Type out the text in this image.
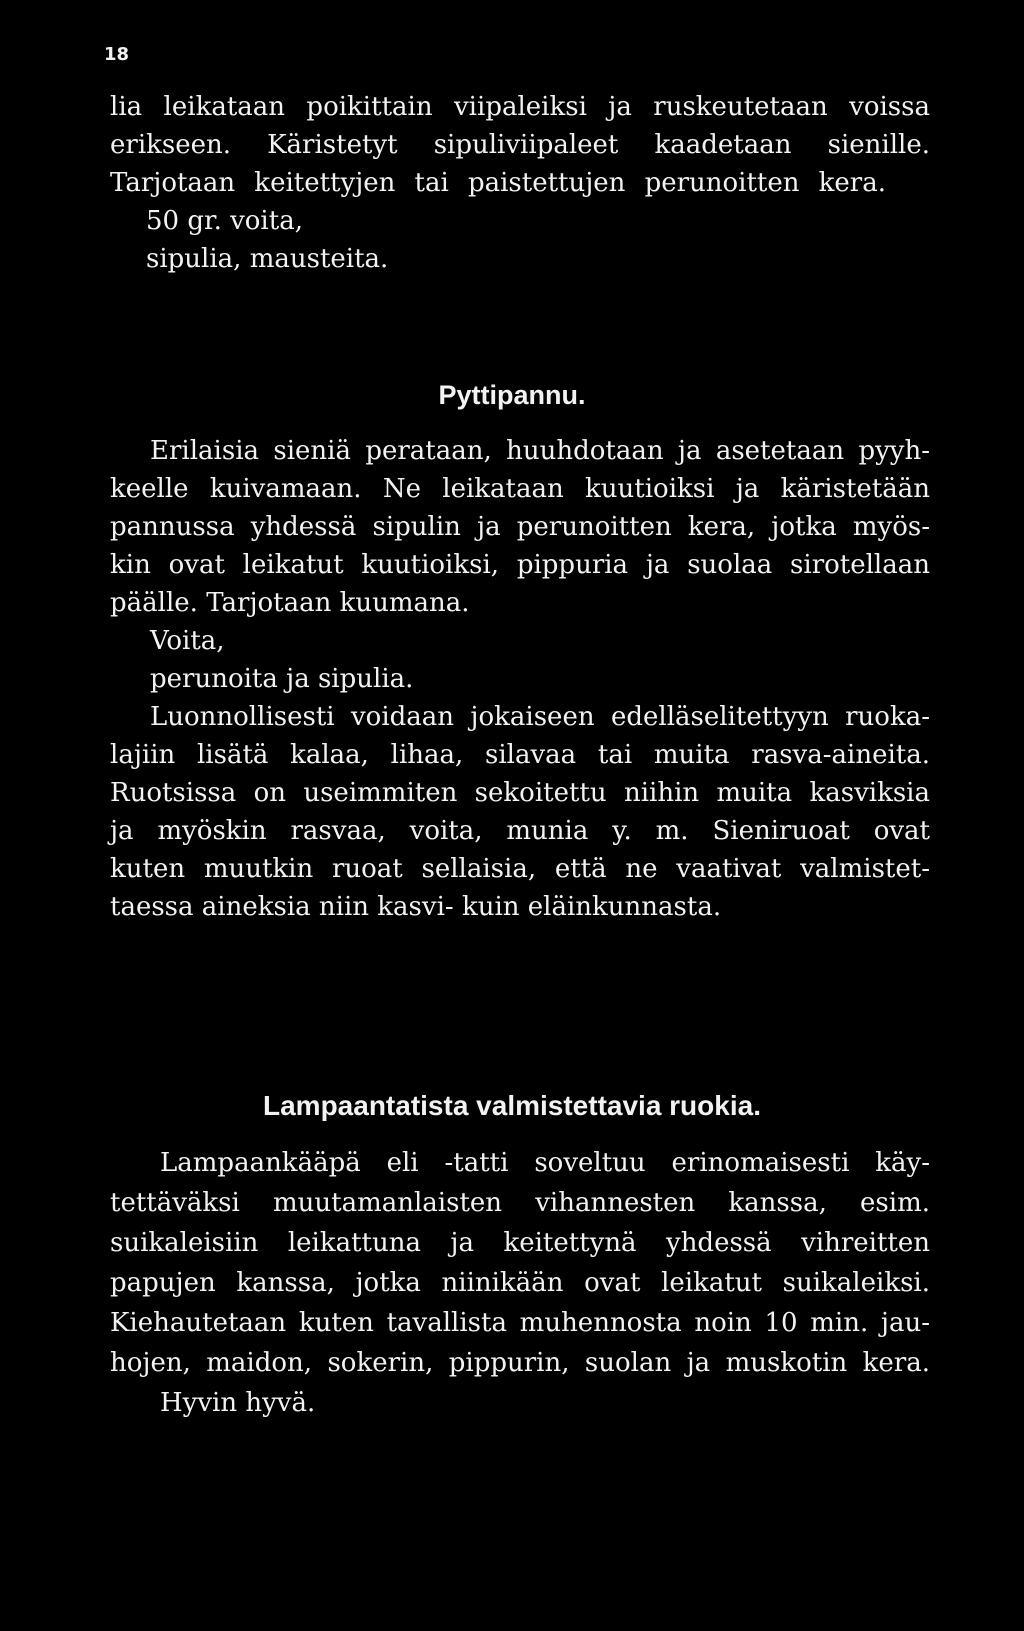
18
lia leikataan poikittain viipaleiksi ja ruskeutetaan voissa
erikseen. Käristetyt sipuliviipaleet kaadetaan sienille.
Tarjotaan keitettyjen tai paistettujen perunoitten kera.
50 gr. voita,
sipulia, mausteita.
Pyttipannu.
Erilaisia sieniä perataan, huuhdotaan ja asetetaan pyyh-
keelle kuivamaan. Ne leikataan kuutioiksi ja käristetään
pannussa yhdessä sipulin ja perunoitten kera, jotka myös-
kin ovat leikatut kuutioiksi, pippuria ja suolaa sirotellaan
päälle. Tarjotaan kuumana.
Voita,
perunoita ja sipulia.
Luonnollisesti voidaan jokaiseen edelläselitettyyn ruoka-
lajiin lisätä kalaa, lihaa, silavaa tai muita rasva-aineita.
Ruotsissa on useimmiten sekoitettu niihin muita kasviksia
ja myöskin rasvaa, voita, munia y. m. Sieniruoat ovat
kuten muutkin ruoat sellaisia, että ne vaativat valmistet-
taessa aineksia niin kasvi- kuin eläinkunnasta.
Lampaantatista valmistettavia ruokia.
Lampaankääpä eli -tatti soveltuu erinomaisesti käy-
tettäväksi muutamanlaisten vihannesten kanssa, esim.
suikaleisiin leikattuna ja keitettynä yhdessä vihreitten
papujen kanssa, jotka niinikään ovat leikatut suikaleiksi.
Kiehautetaan kuten tavallista muhennosta noin 10 min. jau-
hojen, maidon, sokerin, pippurin, suolan ja muskotin kera.
Hyvin hyvä.
